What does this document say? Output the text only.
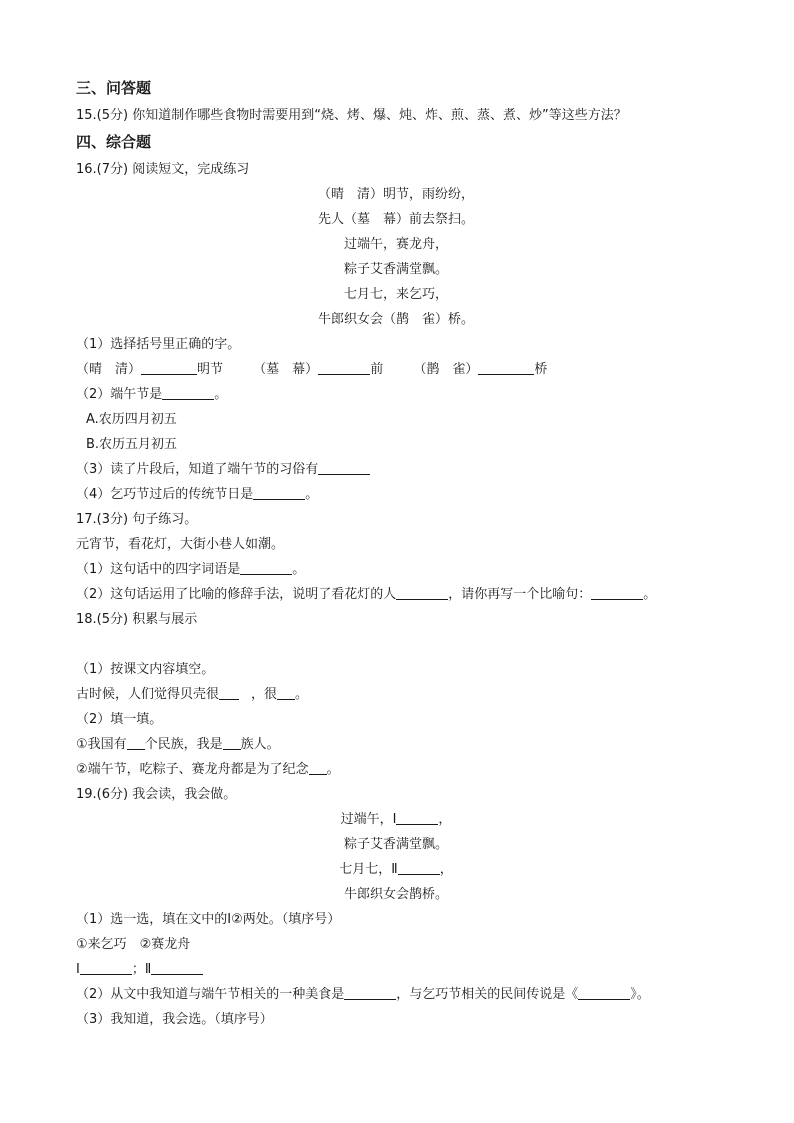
三、问答题
15.(5分) 你知道制作哪些食物时需要用到“烧、烤、爆、炖、炸、煎、蒸、煮、炒”等这些方法？
四、综合题
16.(7分) 阅读短文，完成练习
（晴　清）明节，雨纷纷，
先人（墓　幕）前去祭扫。
过端午，赛龙舟，
粽子艾香满堂飘。
七月七，来乞巧，
牛郎织女会（鹊　雀）桥。
（1）选择括号里正确的字。
（晴　清）	明节 （墓　幕）	前 （鹊　雀）	桥
（2）端午节是	。
A.农历四月初五
B.农历五月初五
（3）读了片段后，知道了端午节的习俗有
（4）乞巧节过后的传统节日是	。
17.(3分) 句子练习。
元宵节，看花灯，大街小巷人如潮。
（1）这句话中的四字词语是	。
（2）这句话运用了比喻的修辞手法，说明了看花灯的人	，请你再写一个比喻句：	。
18.(5分) 积累与展示
（1）按课文内容填空。
古时候，人们觉得贝壳很 ，很 。
（2）填一填。
①我国有 个民族，我是 族人。
②端午节，吃粽子、赛龙舟都是为了纪念 。
19.(6分) 我会读，我会做。
过端午，Ⅰ	，
粽子艾香满堂飘。
七月七，Ⅱ	，
牛郎织女会鹊桥。
（1）选一选，填在文中的Ⅰ②两处。（填序号）
①来乞巧　②赛龙舟
Ⅰ	；Ⅱ
（2）从文中我知道与端午节相关的一种美食是	，与乞巧节相关的民间传说是《	》。
（3）我知道，我会选。（填序号）
